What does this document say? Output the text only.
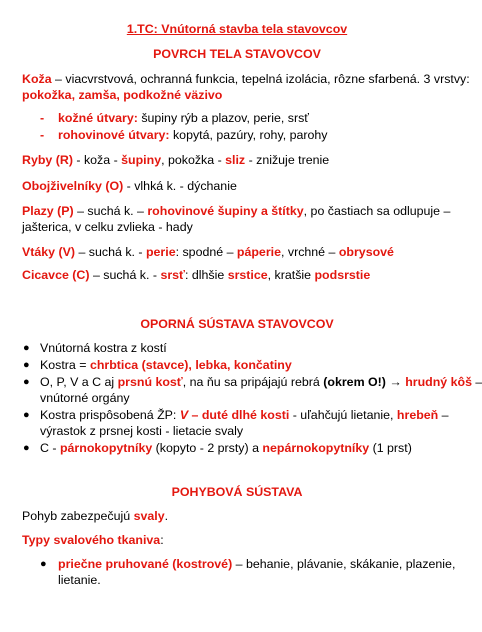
1.TC: Vnútorná stavba tela stavovcov
POVRCH TELA STAVOVCOV
Koža – viacvrstvová, ochranná funkcia, tepelná izolácia, rôzne sfarbená. 3 vrstvy:
pokožka, zamša, podkožné väzivo
- kožné útvary: šupiny rýb a plazov, perie, srsť
- rohovinové útvary: kopytá, pazúry, rohy, parohy
Ryby (R) - koža - šupiny, pokožka - sliz - znižuje trenie
Obojživelníky (O) - vlhká k. - dýchanie
Plazy (P) – suchá k. – rohovinové šupiny a štítky, po častiach sa odlupuje –
jašterica, v celku zvlieka - hady
Vtáky (V) – suchá k. - perie: spodné – páperie, vrchné – obrysové
Cicavce (C) – suchá k. - srsť: dlhšie srstice, kratšie podsrstie
OPORNÁ SÚSTAVA STAVOVCOV
● Vnútorná kostra z kostí
● Kostra = chrbtica (stavce), lebka, končatiny
● O, P, V a C aj prsnú kosť, na ňu sa pripájajú rebrá (okrem O!) → hrudný kôš –
vnútorné orgány
● Kostra prispôsobená ŽP: V – duté dlhé kosti - uľahčujú lietanie, hrebeň –
výrastok z prsnej kosti - lietacie svaly
● C - párnokopytníky (kopyto - 2 prsty) a nepárnokopytníky (1 prst)
POHYBOVÁ SÚSTAVA
Pohyb zabezpečujú svaly.
Typy svalového tkaniva:
● priečne pruhované (kostrové) – behanie, plávanie, skákanie, plazenie,
lietanie.
